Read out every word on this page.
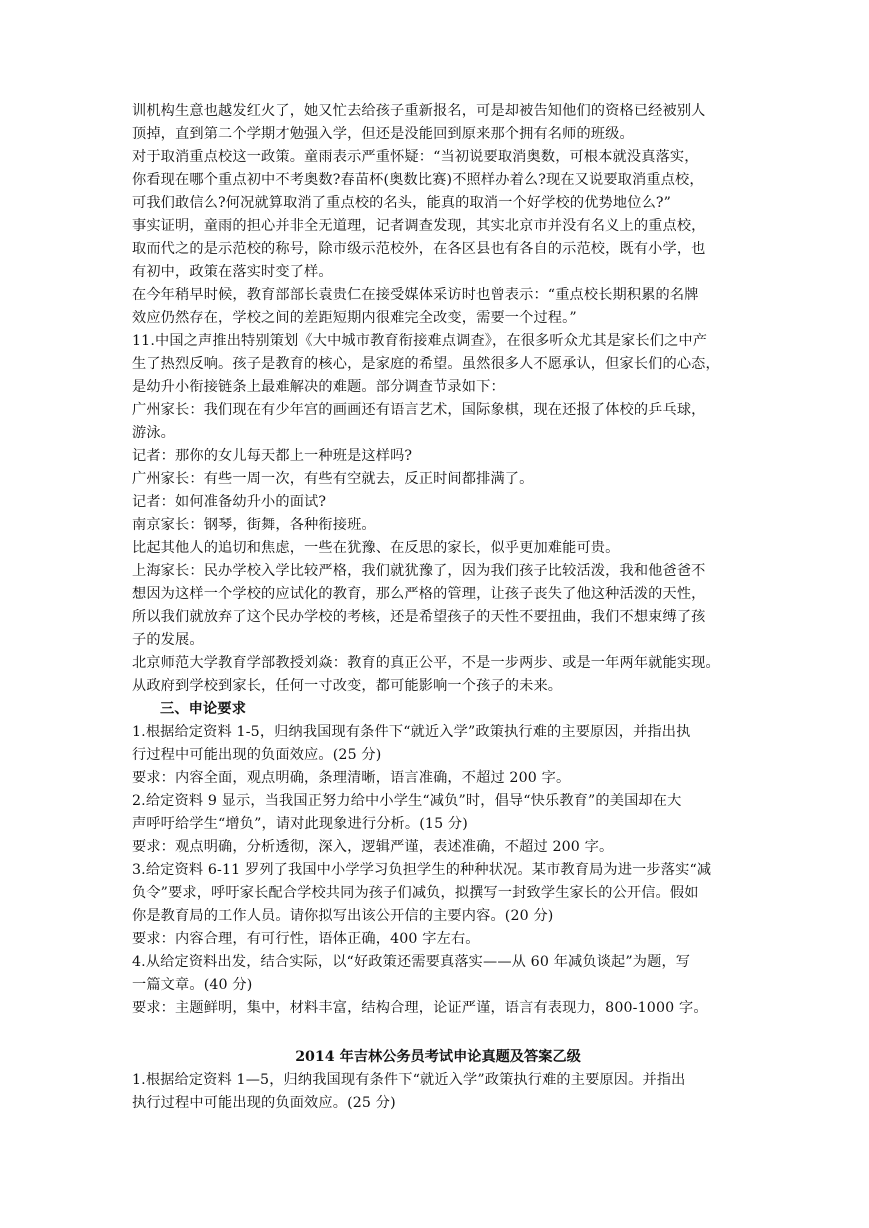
训机构生意也越发红火了，她又忙去给孩子重新报名，可是却被告知他们的资格已经被别人
顶掉，直到第二个学期才勉强入学，但还是没能回到原来那个拥有名师的班级。
对于取消重点校这一政策。童雨表示严重怀疑：“当初说要取消奥数，可根本就没真落实，
你看现在哪个重点初中不考奥数?春苗杯(奥数比赛)不照样办着么?现在又说要取消重点校，
可我们敢信么?何况就算取消了重点校的名头，能真的取消一个好学校的优势地位么?”
事实证明，童雨的担心并非全无道理，记者调查发现，其实北京市并没有名义上的重点校，
取而代之的是示范校的称号，除市级示范校外，在各区县也有各自的示范校，既有小学，也
有初中，政策在落实时变了样。
在今年稍早时候，教育部部长袁贵仁在接受媒体采访时也曾表示：“重点校长期积累的名牌
效应仍然存在，学校之间的差距短期内很难完全改变，需要一个过程。”
11.中国之声推出特别策划《大中城市教育衔接难点调查》，在很多听众尤其是家长们之中产
生了热烈反响。孩子是教育的核心，是家庭的希望。虽然很多人不愿承认，但家长们的心态，
是幼升小衔接链条上最难解决的难题。部分调查节录如下：
广州家长：我们现在有少年宫的画画还有语言艺术，国际象棋，现在还报了体校的乒乓球，
游泳。
记者：那你的女儿每天都上一种班是这样吗?
广州家长：有些一周一次，有些有空就去，反正时间都排满了。
记者：如何准备幼升小的面试?
南京家长：钢琴，街舞，各种衔接班。
比起其他人的追切和焦虑，一些在犹豫、在反思的家长，似乎更加难能可贵。
上海家长：民办学校入学比较严格，我们就犹豫了，因为我们孩子比较活泼，我和他爸爸不
想因为这样一个学校的应试化的教育，那么严格的管理，让孩子丧失了他这种活泼的天性，
所以我们就放弃了这个民办学校的考核，还是希望孩子的天性不要扭曲，我们不想束缚了孩
子的发展。
北京师范大学教育学部教授刘焱：教育的真正公平，不是一步两步、或是一年两年就能实现。
从政府到学校到家长，任何一寸改变，都可能影响一个孩子的未来。
三、申论要求
1.根据给定资料 1-5，归纳我国现有条件下“就近入学”政策执行难的主要原因，并指出执
行过程中可能出现的负面效应。(25 分)
要求：内容全面，观点明确，条理清晰，语言准确，不超过 200 字。
2.给定资料 9 显示，当我国正努力给中小学生“减负”时，倡导“快乐教育”的美国却在大
声呼吁给学生“增负”，请对此现象进行分析。(15 分)
要求：观点明确，分析透彻，深入，逻辑严谨，表述准确，不超过 200 字。
3.给定资料 6-11 罗列了我国中小学学习负担学生的种种状况。某市教育局为进一步落实“减
负令”要求，呼吁家长配合学校共同为孩子们减负，拟撰写一封致学生家长的公开信。假如
你是教育局的工作人员。请你拟写出该公开信的主要内容。(20 分)
要求：内容合理，有可行性，语体正确，400 字左右。
4.从给定资料出发，结合实际，以“好政策还需要真落实——从 60 年减负谈起”为题，写
一篇文章。(40 分)
要求：主题鲜明，集中，材料丰富，结构合理，论证严谨，语言有表现力，800-1000 字。
2014 年吉林公务员考试申论真题及答案乙级
1.根据给定资料 1—5，归纳我国现有条件下“就近入学”政策执行难的主要原因。并指出
执行过程中可能出现的负面效应。(25 分)
